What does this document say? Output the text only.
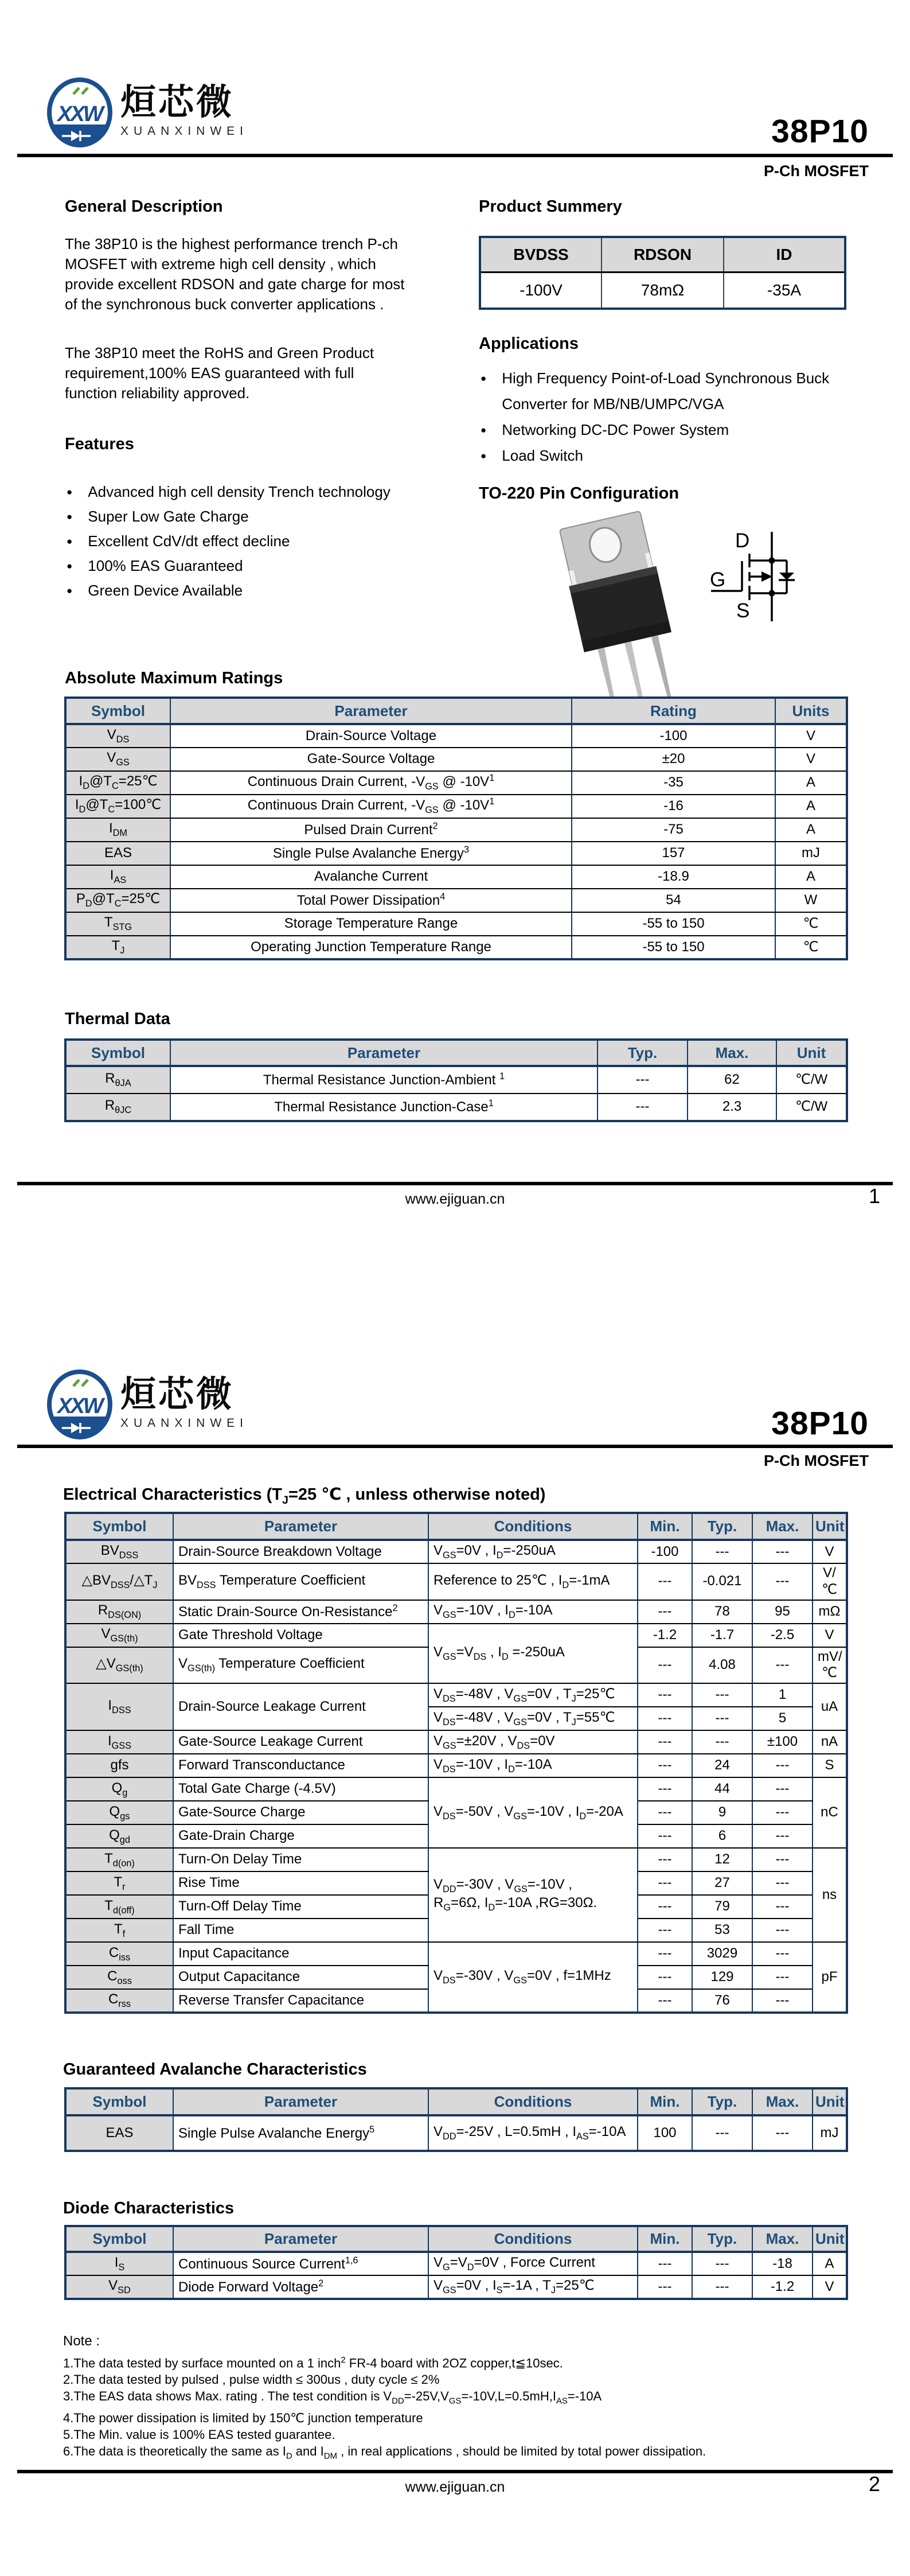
XXW 烜芯微
XUANXINWEI	38P10
P-Ch MOSFET
General Description
The 38P10 is the highest performance trench P-ch MOSFET with extreme high cell density , which provide excellent RDSON and gate charge for most of the synchronous buck converter applications .
The 38P10 meet the RoHS and Green Product requirement,100% EAS guaranteed with full function reliability approved.
Features
● Advanced high cell density Trench technology
● Super Low Gate Charge
● Excellent CdV/dt effect decline
● 100% EAS Guaranteed
● Green Device Available
Product Summery
BVDSS	RDSON	ID
-100V	78mΩ	-35A
Applications
● High Frequency Point-of-Load Synchronous Buck Converter for MB/NB/UMPC/VGA
● Networking DC-DC Power System
● Load Switch
TO-220 Pin Configuration
D
G
S
Absolute Maximum Ratings
Symbol	Parameter	Rating	Units
$V_{DS}$	Drain-Source Voltage	-100	V
$V_{GS}$	Gate-Source Voltage	±20	V
$I_D@T_C=25℃$	Continuous Drain Current, $-V_{GS}$ @ $-10V^1$	-35	A
$I_D@T_C=100℃$	Continuous Drain Current, $-V_{GS}$ @ $-10V^1$	-16	A
$I_{DM}$	Pulsed Drain Current$^2$	-75	A
EAS	Single Pulse Avalanche Energy$^3$	157	mJ
$I_{AS}$	Avalanche Current	-18.9	A
$P_D@T_C=25℃$	Total Power Dissipation$^4$	54	W
$T_{STG}$	Storage Temperature Range	-55 to 150	℃
$T_J$	Operating Junction Temperature Range	-55 to 150	℃
Thermal Data
Symbol	Parameter	Typ.	Max.	Unit
$R_{\theta JA}$	Thermal Resistance Junction-Ambient $^1$	---	62	℃/W
$R_{\theta JC}$	Thermal Resistance Junction-Case$^1$	---	2.3	℃/W
www.ejiguan.cn	1
XXW 烜芯微
XUANXINWEI	38P10
P-Ch MOSFET
Electrical Characteristics ($T_J=25$ ℃ , unless otherwise noted)
Symbol	Parameter	Conditions	Min.	Typ.	Max.	Unit
$BV_{DSS}$	Drain-Source Breakdown Voltage	$V_{GS}=0V$ , $I_D=-250uA$	-100	---	---	V
$\triangle BV_{DSS}/\triangle T_J$	$BV_{DSS}$ Temperature Coefficient	Reference to 25℃ , $I_D=-1mA$	---	-0.021	---	V/℃
$R_{DS(ON)}$	Static Drain-Source On-Resistance$^2$	$V_{GS}=-10V$ , $I_D=-10A$	---	78	95	mΩ
$V_{GS(th)}$	Gate Threshold Voltage	$V_{GS}=V_{DS}$ , $I_D =-250uA$	-1.2	-1.7	-2.5	V
$\triangle V_{GS(th)}$	$V_{GS(th)}$ Temperature Coefficient		---	4.08	---	mV/℃
$I_{DSS}$	Drain-Source Leakage Current	$V_{DS}=-48V$ , $V_{GS}=0V$ , $T_J=25℃$	---	---	1	uA
		$V_{DS}=-48V$ , $V_{GS}=0V$ , $T_J=55℃$	---	---	5	
$I_{GSS}$	Gate-Source Leakage Current	$V_{GS}=\pm 20V$ , $V_{DS}=0V$	---	---	±100	nA
gfs	Forward Transconductance	$V_{DS}=-10V$ , $I_D=-10A$	---	24	---	S
$Q_g$	Total Gate Charge (-4.5V)	$V_{DS}=-50V$ , $V_{GS}=-10V$ , $I_D=-20A$	---	44	---	nC
$Q_{gs}$	Gate-Source Charge		---	9	---	
$Q_{gd}$	Gate-Drain Charge		---	6	---	
$T_{d(on)}$	Turn-On Delay Time	$V_{DD}=-30V$ , $V_{GS}=-10V$ ,
$R_G=6\Omega$, $I_D=-10A$ ,RG=30Ω.	---	12	---	ns
$T_r$	Rise Time		---	27	---	
$T_{d(off)}$	Turn-Off Delay Time		---	79	---	
$T_f$	Fall Time		---	53	---	
$C_{iss}$	Input Capacitance	$V_{DS}=-30V$ , $V_{GS}=0V$ , f=1MHz	---	3029	---	pF
$C_{oss}$	Output Capacitance		---	129	---	
$C_{rss}$	Reverse Transfer Capacitance		---	76	---	
Guaranteed Avalanche Characteristics
Symbol	Parameter	Conditions	Min.	Typ.	Max.	Unit
EAS	Single Pulse Avalanche Energy$^5$	$V_{DD}=-25V$ , L=0.5mH , $I_{AS}=-10A$	100	---	---	mJ
Diode Characteristics
Symbol	Parameter	Conditions	Min.	Typ.	Max.	Unit
$I_S$	Continuous Source Current$^{1,6}$	$V_G=V_D=0V$ , Force Current	---	---	-18	A
$V_{SD}$	Diode Forward Voltage$^2$	$V_{GS}=0V$ , $I_S=-1A$ , $T_J=25℃$	---	---	-1.2	V
Note :
1.The data tested by surface mounted on a 1 inch$^2$ FR-4 board with 2OZ copper,t≦10sec.
2.The data tested by pulsed , pulse width ≤ 300us , duty cycle ≤ 2%
3.The EAS data shows Max. rating . The test condition is $V_{DD}=-25V,V_{GS}=-10V,L=0.5mH,I_{AS}=-10A$
4.The power dissipation is limited by 150℃ junction temperature
5.The Min. value is 100% EAS tested guarantee.
6.The data is theoretically the same as $I_D$ and $I_{DM}$ , in real applications , should be limited by total power dissipation.
www.ejiguan.cn	2
